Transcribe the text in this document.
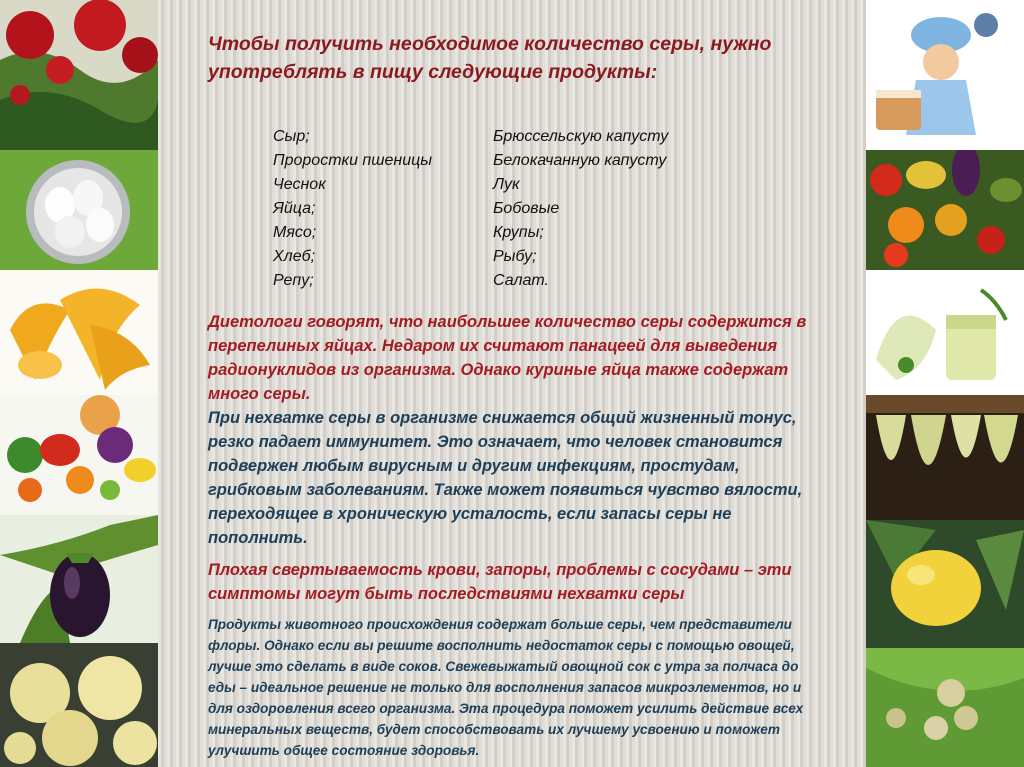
Чтобы получить необходимое количество серы, нужно употреблять в пищу следующие продукты:

Сыр;	Брюссельскую капусту
Проростки пшеницы	Белокачанную капусту
Чеснок	Лук
Яйца;	Бобовые
Мясо;	Крупы;
Хлеб;	Рыбу;
Репу;	Салат.

Диетологи говорят, что наибольшее количество серы содержится в перепелиных яйцах. Недаром их считают панацеей для выведения радионуклидов из организма. Однако куриные яйца также содержат много серы.

При нехватке серы в организме снижается общий жизненный тонус, резко падает иммунитет. Это означает, что человек становится подвержен любым вирусным и другим инфекциям, простудам, грибковым заболеваниям. Также может появиться чувство вялости, переходящее в хроническую усталость, если запасы серы не пополнить.

Плохая свертываемость крови, запоры, проблемы с сосудами – эти симптомы могут быть последствиями нехватки серы

Продукты животного происхождения содержат больше серы, чем представители флоры. Однако если вы решите восполнить недостаток серы с помощью овощей, лучше это сделать в виде соков. Свежевыжатый овощной сок с утра за полчаса до еды – идеальное решение не только для восполнения запасов микроэлементов, но и для оздоровления всего организма. Эта процедура поможет усилить действие всех минеральных веществ, будет способствовать их лучшему усвоению и поможет улучшить общее состояние здоровья.
